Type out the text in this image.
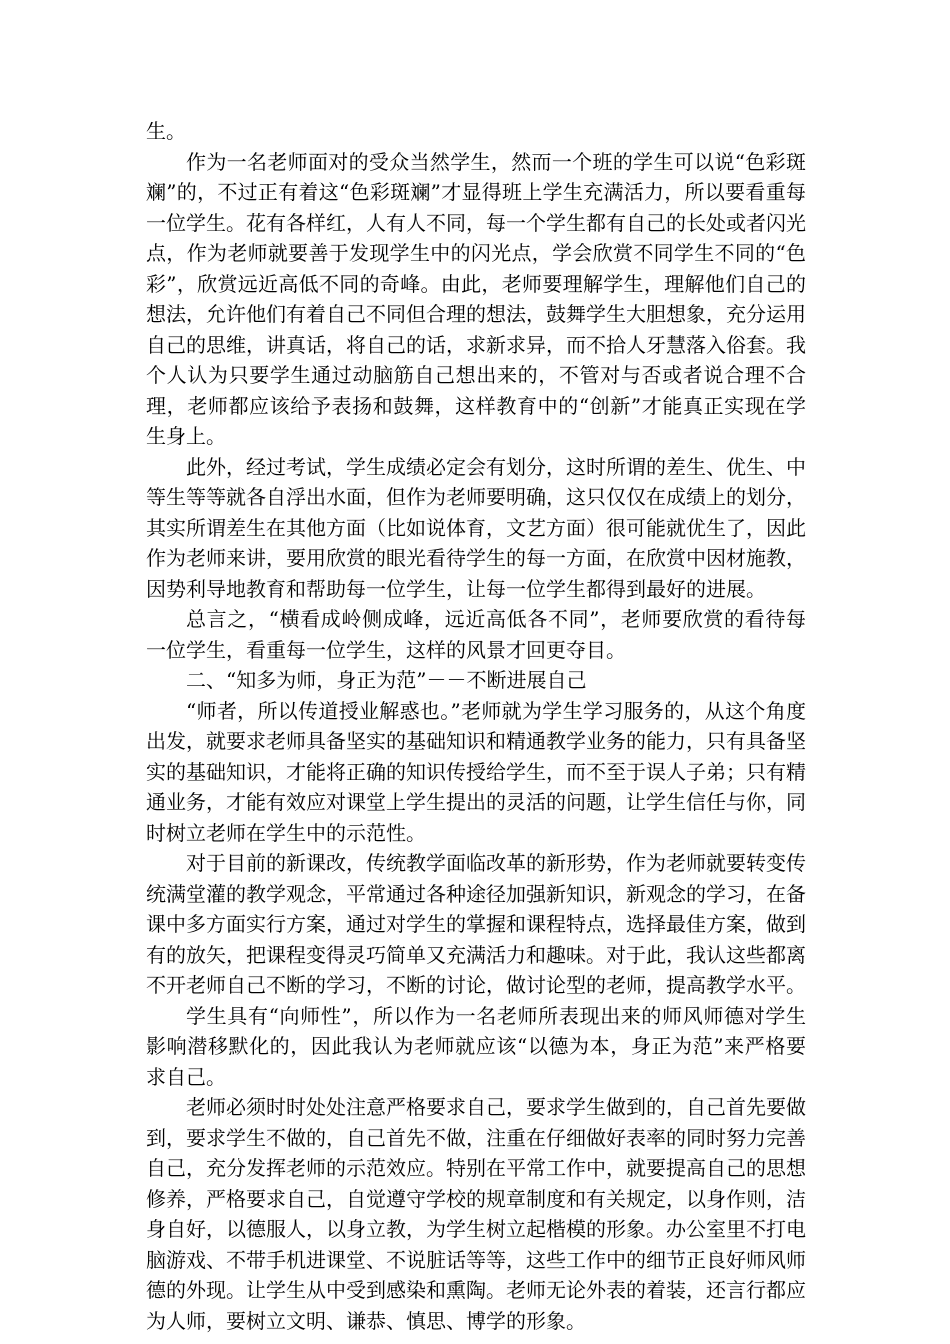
生。

作为一名老师面对的受众当然学生，然而一个班的学生可以说“色彩斑斓”的，不过正有着这“色彩斑斓”才显得班上学生充满活力，所以要看重每一位学生。花有各样红，人有人不同，每一个学生都有自己的长处或者闪光点，作为老师就要善于发现学生中的闪光点，学会欣赏不同学生不同的“色彩”，欣赏远近高低不同的奇峰。由此，老师要理解学生，理解他们自己的想法，允许他们有着自己不同但合理的想法，鼓舞学生大胆想象，充分运用自己的思维，讲真话，将自己的话，求新求异，而不拾人牙慧落入俗套。我个人认为只要学生通过动脑筋自己想出来的，不管对与否或者说合理不合理，老师都应该给予表扬和鼓舞，这样教育中的“创新”才能真正实现在学生身上。

此外，经过考试，学生成绩必定会有划分，这时所谓的差生、优生、中等生等等就各自浮出水面，但作为老师要明确，这只仅仅在成绩上的划分，其实所谓差生在其他方面（比如说体育，文艺方面）很可能就优生了，因此作为老师来讲，要用欣赏的眼光看待学生的每一方面，在欣赏中因材施教，因势利导地教育和帮助每一位学生，让每一位学生都得到最好的进展。

总言之，“横看成岭侧成峰，远近高低各不同”，老师要欣赏的看待每一位学生，看重每一位学生，这样的风景才回更夺目。

二、“知多为师，身正为范”－－不断进展自己

“师者，所以传道授业解惑也。”老师就为学生学习服务的，从这个角度出发，就要求老师具备坚实的基础知识和精通教学业务的能力，只有具备坚实的基础知识，才能将正确的知识传授给学生，而不至于误人子弟；只有精通业务，才能有效应对课堂上学生提出的灵活的问题，让学生信任与你，同时树立老师在学生中的示范性。

对于目前的新课改，传统教学面临改革的新形势，作为老师就要转变传统满堂灌的教学观念，平常通过各种途径加强新知识，新观念的学习，在备课中多方面实行方案，通过对学生的掌握和课程特点，选择最佳方案，做到有的放矢，把课程变得灵巧简单又充满活力和趣味。对于此，我认这些都离不开老师自己不断的学习，不断的讨论，做讨论型的老师，提高教学水平。

学生具有“向师性”，所以作为一名老师所表现出来的师风师德对学生影响潜移默化的，因此我认为老师就应该“以德为本，身正为范”来严格要求自己。

老师必须时时处处注意严格要求自己，要求学生做到的，自己首先要做到，要求学生不做的，自己首先不做，注重在仔细做好表率的同时努力完善自己，充分发挥老师的示范效应。特别在平常工作中，就要提高自己的思想修养，严格要求自己，自觉遵守学校的规章制度和有关规定，以身作则，洁身自好，以德服人，以身立教，为学生树立起楷模的形象。办公室里不打电脑游戏、不带手机进课堂、不说脏话等等，这些工作中的细节正良好师风师德的外现。让学生从中受到感染和熏陶。老师无论外表的着装，还言行都应为人师，要树立文明、谦恭、慎思、博学的形象。
